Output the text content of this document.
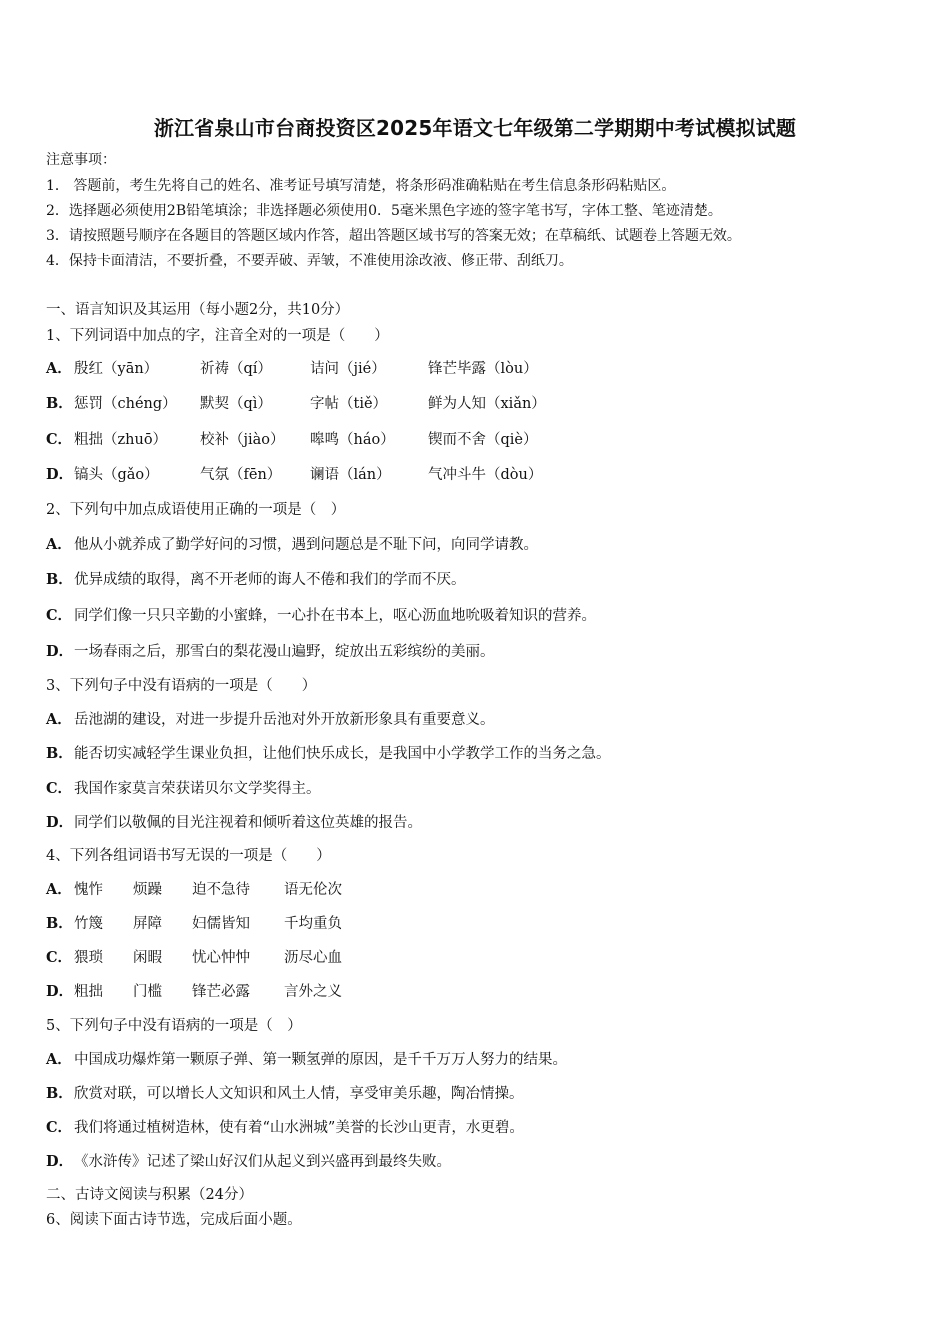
浙江省泉山市台商投资区2025年语文七年级第二学期期中考试模拟试题
注意事项：
1． 答题前，考生先将自己的姓名、准考证号填写清楚，将条形码准确粘贴在考生信息条形码粘贴区。
2．选择题必须使用2B铅笔填涂；非选择题必须使用0．5毫米黑色字迹的签字笔书写，字体工整、笔迹清楚。
3．请按照题号顺序在各题目的答题区域内作答，超出答题区域书写的答案无效；在草稿纸、试题卷上答题无效。
4．保持卡面清洁，不要折叠，不要弄破、弄皱，不准使用涂改液、修正带、刮纸刀。
一、语言知识及其运用（每小题2分，共10分）
1、下列词语中加点的字，注音全对的一项是（　　）
A． 殷红（yān）	祈祷（qí）	诘问（jié）	锋芒毕露（lòu）
B．惩罚（chéng） 默契（qì）	字帖（tiě）	鲜为人知（xiǎn）
C． 粗拙（zhuō） 校补（jiào） 嗥鸣（háo） 锲而不舍（qiè）
D．镐头（gǎo）	气氛（fēn） 谰语（lán）	气冲斗牛（dòu）
2、下列句中加点成语使用正确的一项是（　）
A． 他从小就养成了勤学好问的习惯，遇到问题总是不耻下问，向同学请教。
B．优异成绩的取得，离不开老师的诲人不倦和我们的学而不厌。
C． 同学们像一只只辛勤的小蜜蜂，一心扑在书本上，呕心沥血地吮吸着知识的营养。
D．一场春雨之后，那雪白的梨花漫山遍野，绽放出五彩缤纷的美丽。
3、下列句子中没有语病的一项是（　　）
A． 岳池湖的建设，对进一步提升岳池对外开放新形象具有重要意义。
B．能否切实减轻学生课业负担，让他们快乐成长，是我国中小学教学工作的当务之急。
C． 我国作家莫言荣获诺贝尔文学奖得主。
D．同学们以敬佩的目光注视着和倾听着这位英雄的报告。
4、下列各组词语书写无误的一项是（　　）
A． 愧怍 烦躁 迫不急待 语无伦次
B．竹篾 屏障 妇儒皆知 千均重负
C． 猥琐 闲暇 忧心忡忡 沥尽心血
D．粗拙 门槛 锋芒必露 言外之义
5、下列句子中没有语病的一项是（　）
A． 中国成功爆炸第一颗原子弹、第一颗氢弹的原因，是千千万万人努力的结果。
B．欣赏对联，可以增长人文知识和风土人情，享受审美乐趣，陶冶情操。
C． 我们将通过植树造林，使有着“山水洲城”美誉的长沙山更青，水更碧。
D．《水浒传》记述了梁山好汉们从起义到兴盛再到最终失败。
二、古诗文阅读与积累（24分）
6、阅读下面古诗节选，完成后面小题。
